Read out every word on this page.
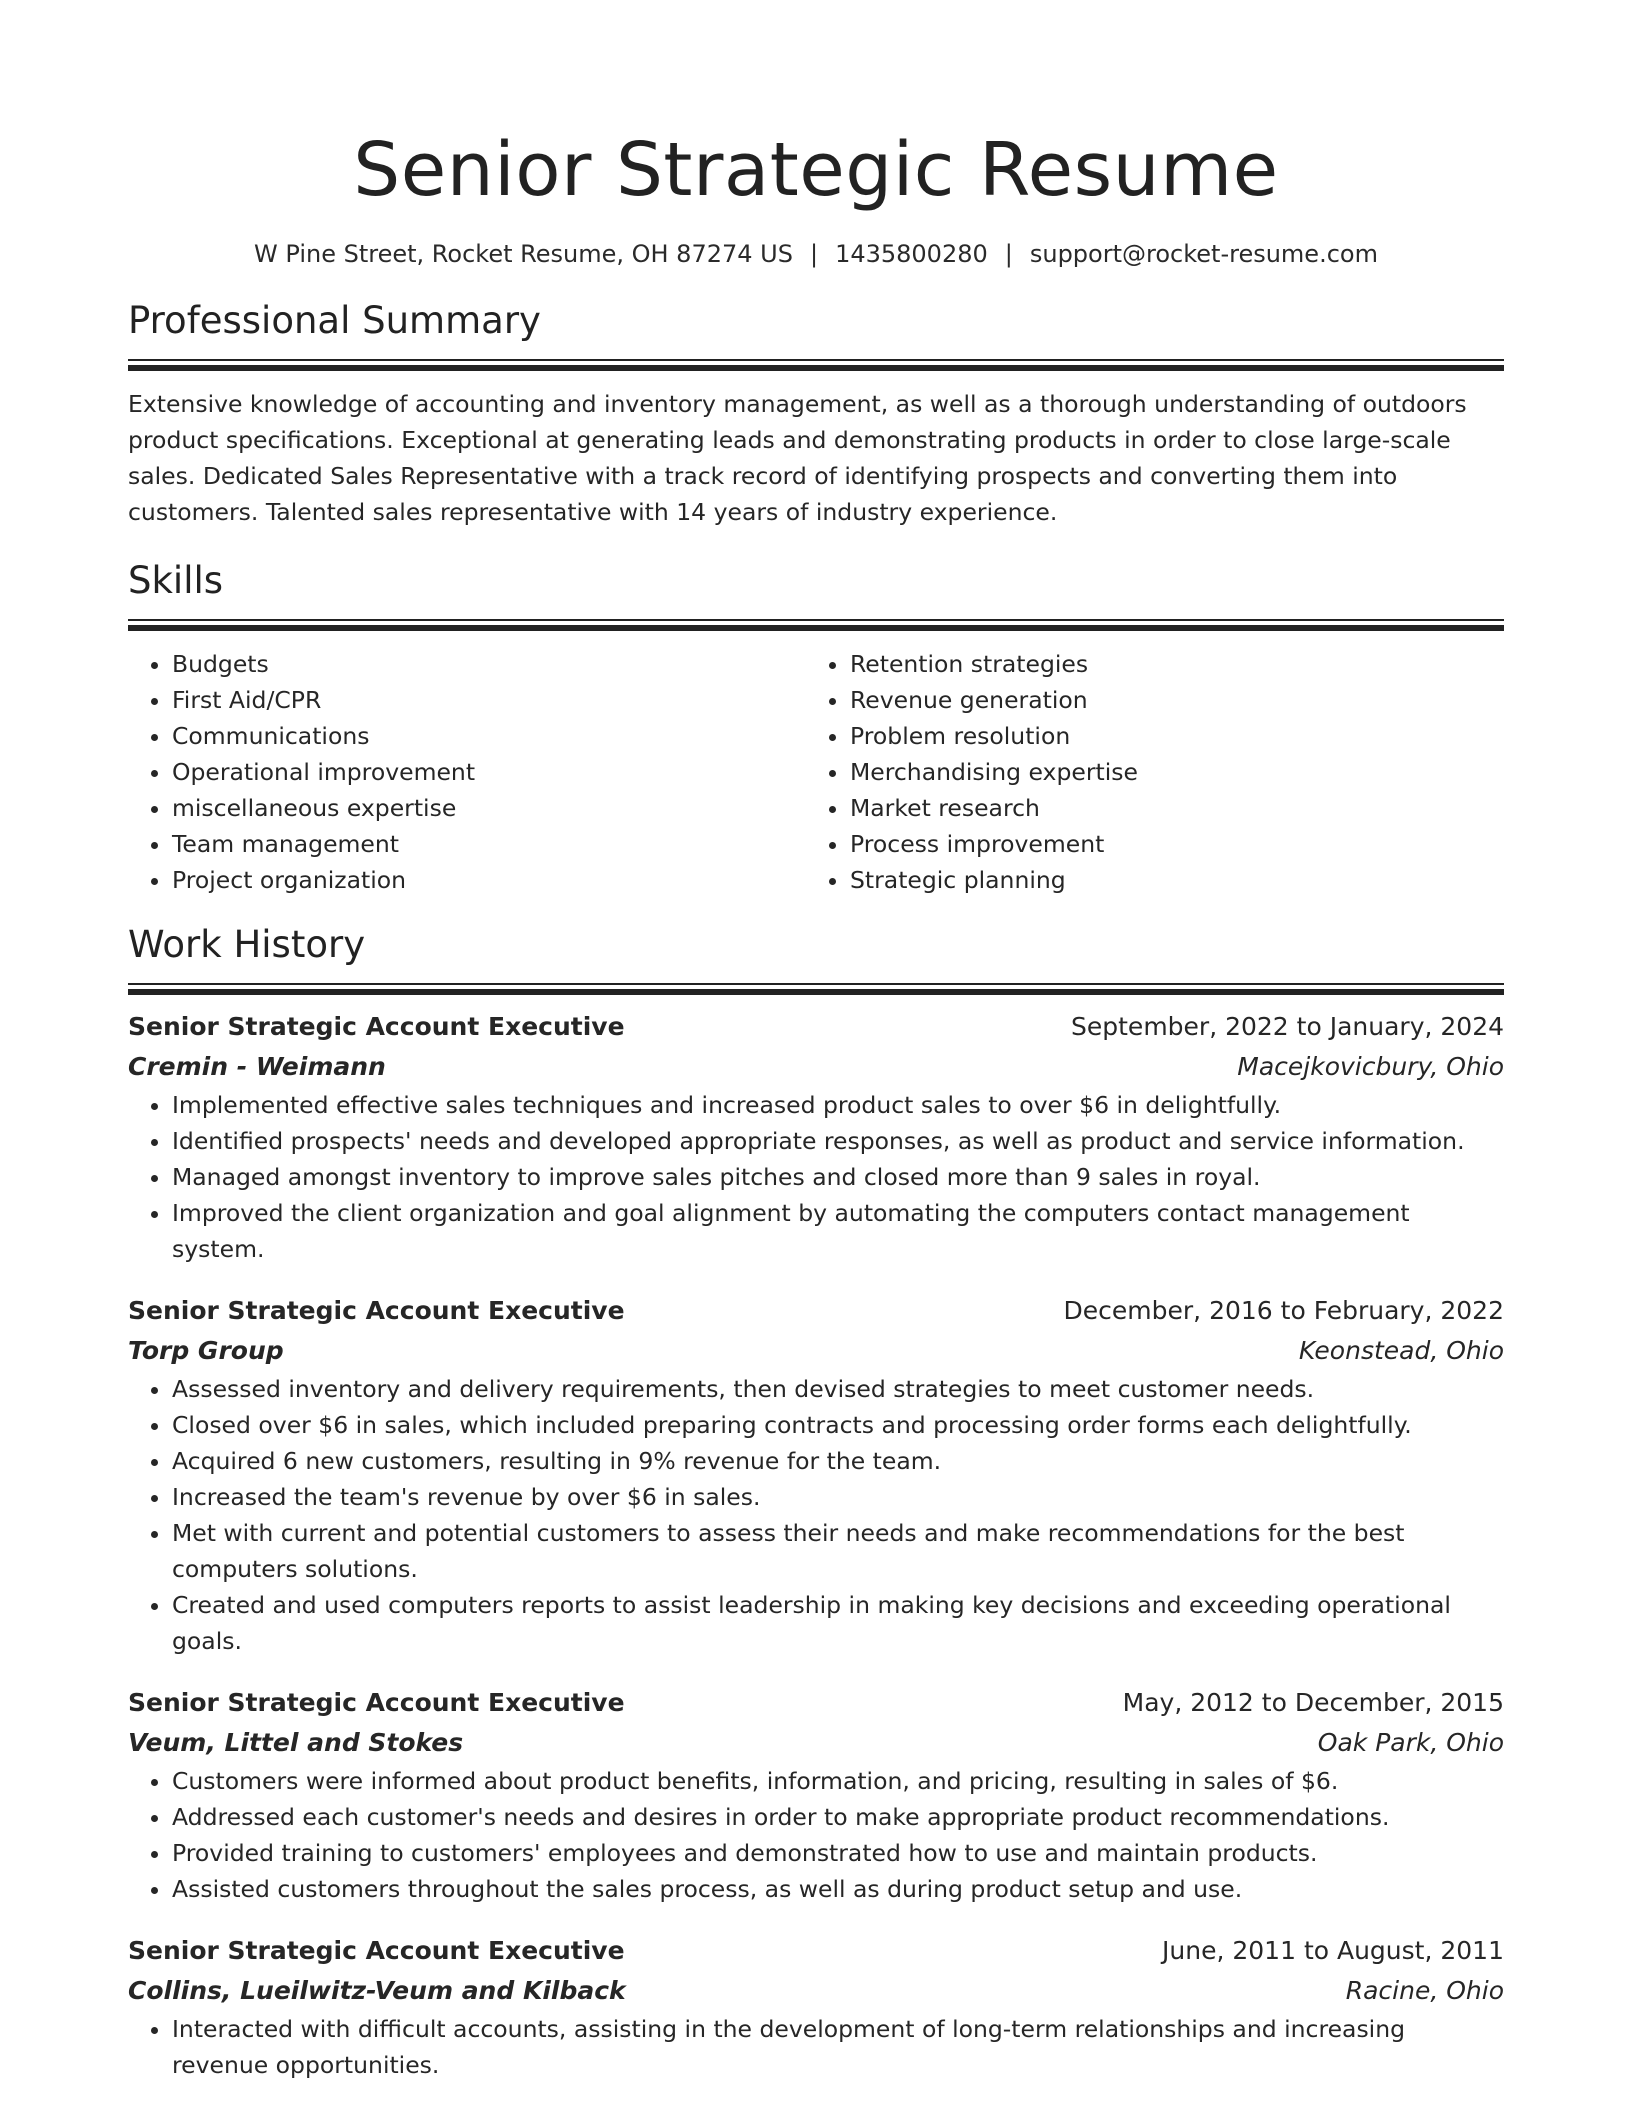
Senior Strategic Resume
W Pine Street, Rocket Resume, OH 87274 US | 1435800280 | support@rocket-resume.com
Professional Summary
Extensive knowledge of accounting and inventory management, as well as a thorough understanding of outdoors product specifications. Exceptional at generating leads and demonstrating products in order to close large-scale sales. Dedicated Sales Representative with a track record of identifying prospects and converting them into customers. Talented sales representative with 14 years of industry experience.
Skills
• Budgets
• First Aid/CPR
• Communications
• Operational improvement
• miscellaneous expertise
• Team management
• Project organization
• Retention strategies
• Revenue generation
• Problem resolution
• Merchandising expertise
• Market research
• Process improvement
• Strategic planning
Work History
Senior Strategic Account Executive	September, 2022 to January, 2024
Cremin - Weimann	Macejkovicbury, Ohio
• Implemented effective sales techniques and increased product sales to over $6 in delightfully.
• Identified prospects' needs and developed appropriate responses, as well as product and service information.
• Managed amongst inventory to improve sales pitches and closed more than 9 sales in royal.
• Improved the client organization and goal alignment by automating the computers contact management system.
Senior Strategic Account Executive	December, 2016 to February, 2022
Torp Group	Keonstead, Ohio
• Assessed inventory and delivery requirements, then devised strategies to meet customer needs.
• Closed over $6 in sales, which included preparing contracts and processing order forms each delightfully.
• Acquired 6 new customers, resulting in 9% revenue for the team.
• Increased the team's revenue by over $6 in sales.
• Met with current and potential customers to assess their needs and make recommendations for the best computers solutions.
• Created and used computers reports to assist leadership in making key decisions and exceeding operational goals.
Senior Strategic Account Executive	May, 2012 to December, 2015
Veum, Littel and Stokes	Oak Park, Ohio
• Customers were informed about product benefits, information, and pricing, resulting in sales of $6.
• Addressed each customer's needs and desires in order to make appropriate product recommendations.
• Provided training to customers' employees and demonstrated how to use and maintain products.
• Assisted customers throughout the sales process, as well as during product setup and use.
Senior Strategic Account Executive	June, 2011 to August, 2011
Collins, Lueilwitz-Veum and Kilback	Racine, Ohio
• Interacted with difficult accounts, assisting in the development of long-term relationships and increasing revenue opportunities.
